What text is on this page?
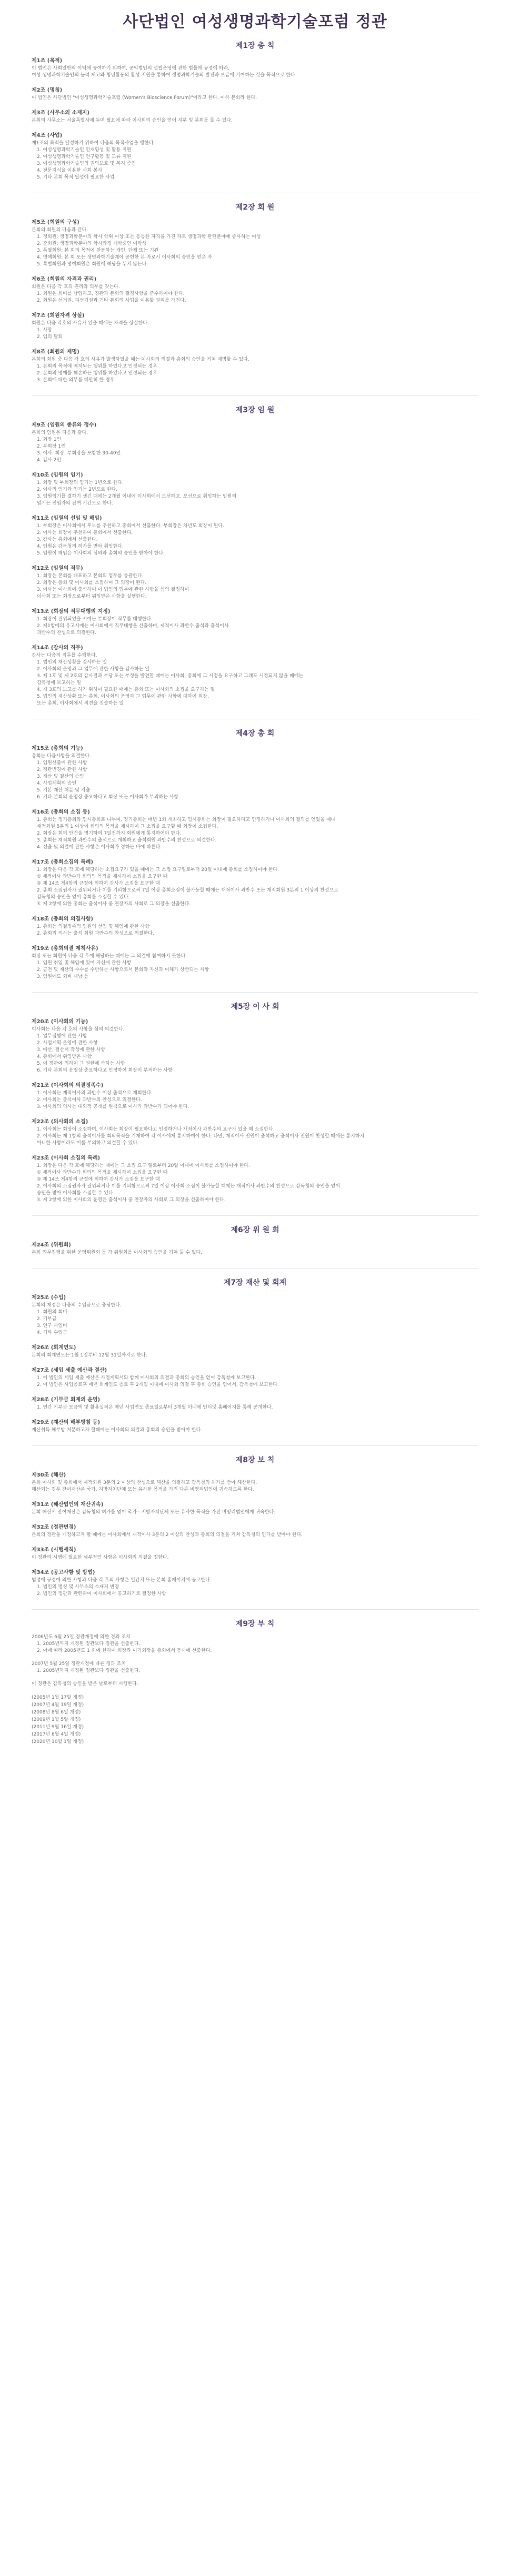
사단법인 여성생명과학기술포럼 정관
제1장 총 칙
제1조 (목적)

이 법인은 사회일반의 이익에 공여하기 위하여, 공익법인의 설립운영에 관한 법률에 규정에 따라,

여성 생명과학기술인의 능력 제고와 청년활동의 활성 지원을 통하여 생명과학기술의 발전과 보급에 기여하는 것을 목적으로 한다.

제2조 (명칭)

이 법인은 사단법인 "여성생명과학기술포럼 (Women's Bioscience Forum)"이라고 한다. 이하 본회라 한다.

제3조 (사무소의 소재지)

본회의 사무소는 서울특별시에 두며 필요에 따라 이사회의 승인을 얻어 지부 및 분회를 둘 수 있다.

제4조 (사업)

제1조의 목적을 달성하기 위하여 다음의 목적사업을 행한다.

1. 여성생명과학기술인 인재양성 및 활용 지원

2. 여성생명과학기술인 연구활동 및 교류 지원

3. 여성생명과학기술인의 권익보호 및 복지 증진

4. 전문지식을 이용한 사회 봉사

5. 기타 본회 목적 달성에 필요한 사업

제2장 회 원
제5조 (회원의 구성)

본회의 회원의 다음과 같다.

1. 정회원: 생명과학분야의 학사 학위 이상 또는 동등한 자격을 가진 자로 생명과학 관련분야에 종사하는 여성

2. 준회원: 생명과학분야의 학사과정 재학중인 여학생

3. 특별회원: 본 회의 목적에 찬동하는 개인, 단체 또는 기관

4. 명예회원: 본 회 또는 생명과학기술계에 공헌한 본 자로서 이사회의 승인을 얻은 자

5. 특별회원과 명예회원은 회원에 해당을 두지 않는다.

제6조 (회원의 자격과 권리)

회원은 다음 각 호의 권리와 의무를 갖는다.

1. 회원은 회비를 납입하고, 정관과 본회의 결정사항을 준수하여야 한다.

2. 회원은 선거권, 피선거권과 기타 본회의 사업을 이용할 권리를 가진다.

제7조 (회원자격 상실)

회원은 다음 각호의 사유가 있을 때에는 자격을 상실한다.

1. 사망

2. 임의 탈퇴

제8조 (회원의 제명)

본회의 회원 중 다음 각 호의 사유가 발생하였을 때는 이사회의 의결과 총회의 승인을 거쳐 제명할 수 있다.

1. 본회의 목적에 배치되는 행위를 하였다고 인정되는 경우

2. 본회의 명예를 훼손하는 행위를 하였다고 인정되는 경우

3. 본회에 대한 의무를 태만히 한 경우

제3장 임 원
제9조 (임원의 종류와 정수)

본회의 임원은 다음과 같다.

1. 회장 1인

2. 부회장 1인

3. 이사: 회장, 부회장을 포함한 30-40인

4. 감사 2인

제10조 (임원의 임기)

1. 회장 및 부회장의 임기는 1년으로 한다.

2. 이사의 임기와 임기는 2년으로 한다.

3. 임원임기를 결하기 생긴 때에는 2개월 이내에 이사회에서 보선하고, 보선으로 취임하는 임원의

임기는 전임자의 잔여 기간으로 한다.

제11조 (임원의 선임 및 해임)

1. 부회장은 이사회에서 후보를 추천하고 총회에서 선출한다. 부회장은 차년도 회장이 된다.

2. 이사는 회장이 추천하여 총회에서 선출한다.

3. 감사는 총회에서 선출한다.

4. 임원은 감독청의 허가를 받아 취임한다.

5. 임원이 해임은 이사회의 심의와 총회의 승인을 받아야 한다.

제12조 (임원의 직무)

1. 회장은 본회를 대표하고 본회의 업무를 통괄한다.

2. 회장은 총회 및 이사회를 소집하며 그 의장이 된다.

3. 이사는 이사회에 출석하여 이 법인의 업무에 관한 사항을 심의 결정하며

이사회 또는 회장으로부터 위임받은 사항을 실행한다.

제13조 (회장의 직무대행의 지정)

1. 회장이 궐위되었을 시에는 부회장이 직무를 대행한다.

2. 제1항에의 유고시에는 이사회에서 직무대행을 선출하며, 제적이사 과반수 출석과 출석이사

과반수의 찬성으로 의결한다.

제14조 (감사의 직무)

감사는 다음의 직무를 수행한다.

1. 법인의 재산상황을 감사하는 일

2. 이사회의 운영과 그 업무에 관한 사항을 감사하는 일

3. 제 1호 및 제 2호의 감사결과 부당 또는 부정을 발견할 때에는 이사회, 총회에 그 시정을 요구하고 그래도 시정되지 않을 때에는

감독청에 보고하는 일

4. 제 3호의 보고를 하기 위하여 필요한 때에는 총회 또는 이사회의 소집을 요구하는 일

5. 법인의 재산상황 또는 총회, 이사회의 운영과 그 업무에 관한 사항에 대하여 회장,

또는 총회, 이사회에서 의견을 진술하는 일

제4장 총 회
제15조 (총회의 기능)

총회는 다음사항을 의결한다.

1. 임원선출에 관한 사항

2. 정관변경에 관한 사항

3. 재산 및 결산의 승인

4. 사업계획의 승인

5. 기본 재산 처분 및 지출

6. 기타 본회의 운영상 중요하다고 회장 또는 이사회가 부의하는 사항

제16조 (총회의 소집 등)

1. 총회는 정기총회와 임시총회로 나누며, 정기총회는 매년 1회 개최하고 임시총회는 회장이 필요하다고 인정하거나 이사회의 결의를 얻었을 때나

재적회원 5분의 1 이상이 회의의 목적을 제시하여 그 소집을 요구할 때 회장이 소집한다.

2. 회장은 회의 안건을 명기하여 7일전까지 회원에게 통지하여야 한다.

3. 총회는 재적회원 과반수의 출석으로 개회하고 출석회원 과반수의 찬성으로 의결한다.

4. 선출 및 의결에 관한 사항은 이사회가 정하는 바에 따른다.

제17조 (총회소집의 특례)

1. 회장은 다음 각 호에 해당하는 소집요구가 있을 때에는 그 소집 요구일로부터 20일 이내에 총회를 소집하여야 한다.

① 재적이사 과반수가 회의의 목적을 제시하여 소집을 요구한 때

② 제 14조 제4항의 규정에 의하여 감사가 소집을 요구한 때

2. 총회 소집권자가 궐위되거나 이를 기피함으로써 7일 이상 총회소집이 불가능할 때에는 재적이사 과반수 또는 재적회원 3분의 1 이상의 찬성으로

감독청의 승인을 얻어 총회를 소집할 수 있다.

3. 제 2항에 의한 총회는 출석이사 중 연장자의 사회로 그 의장을 선출한다.

제18조 (총회의 의결사항)

1. 총회는 의결정족의 임원의 선임 및 해임에 관한 사항

2. 총회의 의사는 출석 회원 과반수의 찬성으로 의결한다.

제19조 (총회의결 제척사유)

회장 또는 회원이 다음 각 호에 해당하는 때에는 그 의결에 참여하지 못한다.

1. 임원 취임 및 해임에 있어 자신에 관한 사항

2. 금전 및 재산의 수수를 수반하는 사항으로서 본회와 자신과 이해가 상반되는 사항

3. 임원에도 회비 대납 등

제5장 이 사 회
제20조 (이사회의 기능)

이사회는 다음 각 호의 사항을 심의 의결한다.

1. 업무집행에 관한 사항

2. 사업계획 운영에 관한 사항

3. 예산, 결산서 작성에 관한 사항

4. 총회에서 위임받은 사항

5. 이 정관에 의하여 그 권한에 속하는 사항

6. 기타 본회의 운영상 중요하다고 인정하여 회장이 부의하는 사항

제21조 (이사회의 의결정족수)

1. 이사회는 재적이사의 과반수 이상 출석으로 개회한다.

2. 이사회는 출석이사 과반수의 찬성으로 의결한다.

3. 이사회의 의사는 대외적 공개를 원칙으로 이사가 과반수가 되어야 한다.

제22조 (의사회의 소집)

1. 이사회는 회장이 소집하며, 이사회는 회장이 필요하다고 인정하거나 재적이사 과반수의 요구가 있을 때 소집한다.

2. 이사회는 제 1항의 출석이사를 회의목적을 기재하여 각 이사에게 통지하여야 한다. 다만, 재적이사 전원이 출석하고 출석이사 전원이 찬성할 때에는 통지하지

아니한 사항이라도 이를 부의하고 의결할 수 있다.

제23조 (이사회 소집의 특례)

1. 회장은 다음 각 호에 해당하는 때에는 그 소집 요구 일로부터 20일 이내에 이사회를 소집하여야 한다.

① 재적이사 과반수가 회의의 목적을 제시하여 소집을 요구한 때

② 제 14조 제4항의 규정에 의하여 감사가 소집을 요구한 때

2. 이사회의 소집권자가 궐위되거나 이를 기피함으로써 7일 이상 이사회 소집이 불가능할 때에는 재적이사 과반수의 찬성으로 감독청의 승인을 얻어

승인을 받아 이사회를 소집할 수 있다.

3. 제 2항에 의한 이사회의 운영은 출석이사 중 연장자의 사회로 그 의장을 선출하여야 한다.

제6장 위 원 회
제24조 (위원회)

본회 업무집행을 위한 운영위원회 등 각 위원회를 이사회의 승인을 거쳐 둘 수 있다.

제7장 재산 및 회계
제25조 (수입)

본회의 재정은 다음의 수입금으로 충당한다.

1. 회원의 회비

2. 기부금

3. 연구 사업비

4. 기타 수입금

제26조 (회계연도)

본회의 회계연도는 1월 1일부터 12월 31일까지로 한다.

제27조 (세입 세출 예산과 결산)

1. 이 법인의 세입 세출 예산은 사업계획서와 함께 이사회의 의결과 총회의 승인을 얻어 감독청에 보고한다.

2. 이 법인은 사업종료후 매년 회계연도 종료 후 2개월 이내에 이사회 의결 후 총회 승인을 얻어서, 감독청에 보고한다.

제28조 (기부금 회계의 운영)

1. 연간 기부금 모금액 및 활용실적은 매년 사업연도 종료일로부터 3개월 이내에 인터넷 홈페이지를 통해 공개한다.

제29조 (재산의 해부방침 등)

재산취득 해부방 처분하고자 할때에는 이사회의 의결과 총회의 승인을 받아야 한다.

제8장 보 칙
제30조 (해산)

본회 이사회 및 총회에서 재적회원 3분의 2 이상의 찬성으로 해산을 의결하고 감독청의 허가를 받아 해산한다.

해산되는 경우 잔여재산은 국가, 지방자치단체 또는 유사한 목적을 가진 다른 비영리법인에 귀속하도록 한다.

제31조 (해산법인의 재산귀속)

본회 해산시 잔여재산은 감독청의 허가를 얻어 국가 · 지방자치단체 또는 유사한 목적을 가진 비영리법인에게 귀속한다.

제32조 (정관변경)

본회의 정관을 개정하고자 할 때에는 이사회에서 재적이사 3분의 2 이상의 찬성과 총회의 의결을 거쳐 감독청의 인가를 받아야 한다.

제33조 (시행세칙)

이 정관의 시행에 필요한 세부적인 사항은 이사회의 의결을 정한다.

제34조 (공고사항 및 방법)

법령에 규정에 의한 사항과 다음 각 호의 사항은 일간지 또는 본회 홈페이지에 공고한다.

1. 법인의 명칭 및 사무소의 소재지 변경

2. 법인의 정관과 관련하여 이사회에서 공고하기로 결정한 사항

제9장 부 칙

2006년도 6월 25일 정관개정에 의한 경과 조치

1. 2005년까지 개정된 정관보다 정관을 선출한다.

2. 이에 따라 2005년도 1 회에 한하여 회장과 이기회장을 총회에서 동시에 선출한다.

2007년 5월 25일 정관개정에 따른 경과 조치

1. 2005년까지 개정된 정관보다 정관을 선출한다.

이 정관은 감독청의 승인을 받은 날로부터 시행한다.

(2005년 1월 17일 개정)

(2007년 4월 19일 개정)

(2008년 8월 6일 개정)

(2009년 1월 5일 개정)

(2011년 9월 16일 개정)

(2017년 6월 4일 개정)

(2020년 10월 1일 개정)
